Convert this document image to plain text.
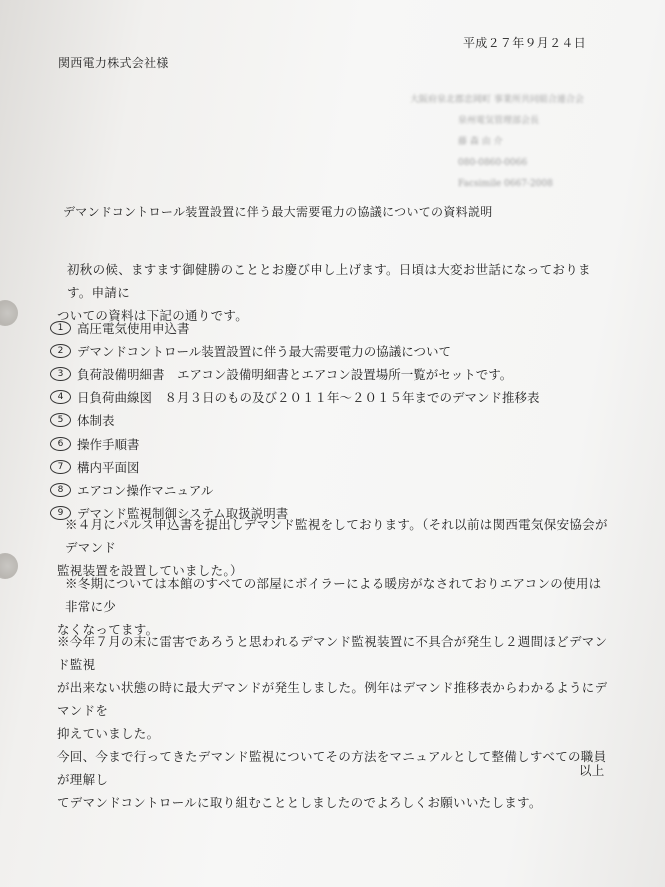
平成２７年９月２４日
関西電力株式会社様
大阪府泉北郡忠岡町 事業所共同組合連合会
泉州電気管理部会長
藤 森 由 介
080-0860-0066
Facsimile 0667-2008
デマンドコントロール装置設置に伴う最大需要電力の協議についての資料説明
初秋の候、ますます御健勝のこととお慶び申し上げます。日頃は大変お世話になっております。申請に
ついての資料は下記の通りです。
1	高圧電気使用申込書
2	デマンドコントロール装置設置に伴う最大需要電力の協議について
3	負荷設備明細書　エアコン設備明細書とエアコン設置場所一覧がセットです。
4	日負荷曲線図　８月３日のもの及び２０１１年～２０１５年までのデマンド推移表
5	体制表
6	操作手順書
7	構内平面図
8	エアコン操作マニュアル
9	デマンド監視制御システム取扱説明書
※４月にパルス申込書を提出しデマンド監視をしております。（それ以前は関西電気保安協会がデマンド
監視装置を設置していました。）
※冬期については本館のすべての部屋にボイラーによる暖房がなされておりエアコンの使用は非常に少
なくなってます。
※今年７月の末に雷害であろうと思われるデマンド監視装置に不具合が発生し２週間ほどデマンド監視
が出来ない状態の時に最大デマンドが発生しました。例年はデマンド推移表からわかるようにデマンドを
抑えていました。
今回、今まで行ってきたデマンド監視についてその方法をマニュアルとして整備しすべての職員が理解し
てデマンドコントロールに取り組むこととしましたのでよろしくお願いいたします。
以上
